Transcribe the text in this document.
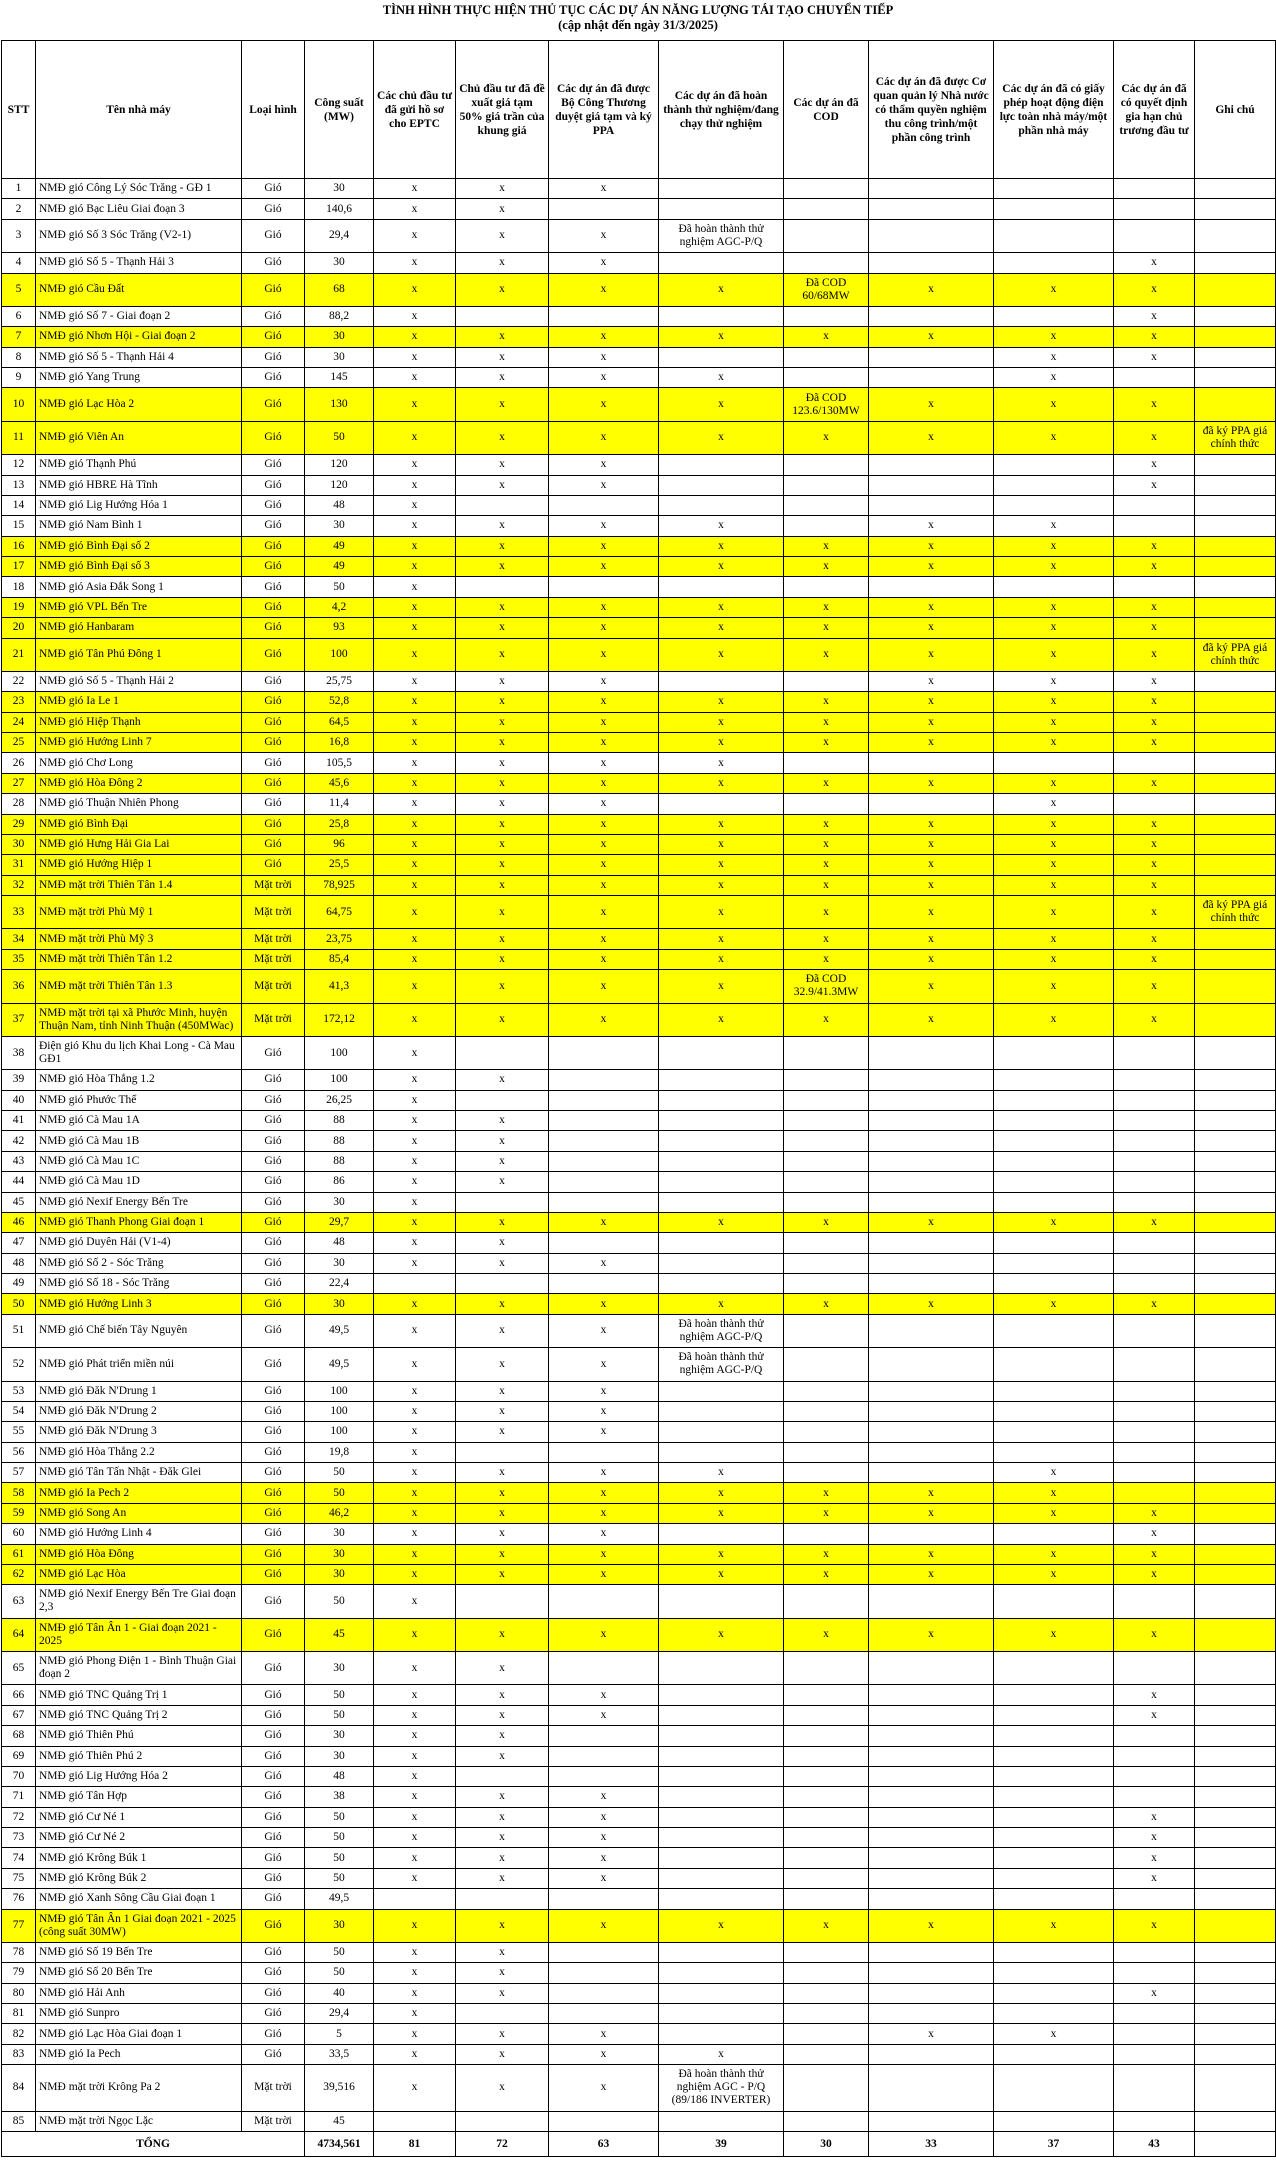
TÌNH HÌNH THỰC HIỆN THỦ TỤC CÁC DỰ ÁN NĂNG LƯỢNG TÁI TẠO CHUYỂN TIẾP
(cập nhật đến ngày 31/3/2025)
STT	Tên nhà máy	Loại hình	Công suất (MW)	Các chủ đầu tư đã gửi hồ sơ cho EPTC	Chủ đầu tư đã đề xuất giá tạm 50% giá trần của khung giá	Các dự án đã được Bộ Công Thương duyệt giá tạm và ký PPA	Các dự án đã hoàn thành thử nghiệm/đang chạy thử nghiệm	Các dự án đã COD	Các dự án đã được Cơ quan quản lý Nhà nước có thẩm quyền nghiệm thu công trình/một phần công trình	Các dự án đã có giấy phép hoạt động điện lực toàn nhà máy/một phần nhà máy	Các dự án đã có quyết định gia hạn chủ trương đầu tư	Ghi chú
1	NMĐ gió Công Lý Sóc Trăng - GĐ 1	Gió	30	x	x	x						
2	NMĐ gió Bạc Liêu Giai đoạn 3	Gió	140,6	x	x							
3	NMĐ gió Số 3 Sóc Trăng (V2-1)	Gió	29,4	x	x	x	Đã hoàn thành thử nghiệm AGC-P/Q					
4	NMĐ gió Số 5 - Thạnh Hải 3	Gió	30	x	x	x					x	
5	NMĐ gió Cầu Đất	Gió	68	x	x	x	x	Đã COD 60/68MW	x	x	x	
6	NMĐ gió Số 7 - Giai đoạn 2	Gió	88,2	x							x	
7	NMĐ gió Nhơn Hội - Giai đoạn 2	Gió	30	x	x	x	x	x	x	x	x	
8	NMĐ gió Số 5 - Thạnh Hải 4	Gió	30	x	x	x				x	x	
9	NMĐ gió Yang Trung	Gió	145	x	x	x	x			x		
10	NMĐ gió Lạc Hòa 2	Gió	130	x	x	x	x	Đã COD 123.6/130MW	x	x	x	
11	NMĐ gió Viên An	Gió	50	x	x	x	x	x	x	x	x	đã ký PPA giá chính thức
12	NMĐ gió Thạnh Phú	Gió	120	x	x	x					x	
13	NMĐ gió HBRE Hà Tĩnh	Gió	120	x	x	x					x	
14	NMĐ gió Lig Hướng Hóa 1	Gió	48	x								
15	NMĐ gió Nam Bình 1	Gió	30	x	x	x	x		x	x		
16	NMĐ gió Bình Đại số 2	Gió	49	x	x	x	x	x	x	x	x	
17	NMĐ gió Bình Đại số 3	Gió	49	x	x	x	x	x	x	x	x	
18	NMĐ gió Asia Đắk Song 1	Gió	50	x								
19	NMĐ gió VPL Bến Tre	Gió	4,2	x	x	x	x	x	x	x	x	
20	NMĐ gió Hanbaram	Gió	93	x	x	x	x	x	x	x	x	
21	NMĐ gió Tân Phú Đông 1	Gió	100	x	x	x	x	x	x	x	x	đã ký PPA giá chính thức
22	NMĐ gió Số 5 - Thạnh Hải 2	Gió	25,75	x	x	x			x	x	x	
23	NMĐ gió Ia Le 1	Gió	52,8	x	x	x	x	x	x	x	x	
24	NMĐ gió Hiệp Thạnh	Gió	64,5	x	x	x	x	x	x	x	x	
25	NMĐ gió Hướng Linh 7	Gió	16,8	x	x	x	x	x	x	x	x	
26	NMĐ gió Chơ Long	Gió	105,5	x	x	x	x					
27	NMĐ gió Hòa Đông 2	Gió	45,6	x	x	x	x	x	x	x	x	
28	NMĐ gió Thuận Nhiên Phong	Gió	11,4	x	x	x				x		
29	NMĐ gió Bình Đại	Gió	25,8	x	x	x	x	x	x	x	x	
30	NMĐ gió Hưng Hải Gia Lai	Gió	96	x	x	x	x	x	x	x	x	
31	NMĐ gió Hướng Hiệp 1	Gió	25,5	x	x	x	x	x	x	x	x	
32	NMĐ mặt trời Thiên Tân 1.4	Mặt trời	78,925	x	x	x	x	x	x	x	x	
33	NMĐ mặt trời Phù Mỹ 1	Mặt trời	64,75	x	x	x	x	x	x	x	x	đã ký PPA giá chính thức
34	NMĐ mặt trời Phù Mỹ 3	Mặt trời	23,75	x	x	x	x	x	x	x	x	
35	NMĐ mặt trời Thiên Tân 1.2	Mặt trời	85,4	x	x	x	x	x	x	x	x	
36	NMĐ mặt trời Thiên Tân 1.3	Mặt trời	41,3	x	x	x	x	Đã COD 32.9/41.3MW	x	x	x	
37	NMĐ mặt trời tại xã Phước Minh, huyện Thuận Nam, tỉnh Ninh Thuận (450MWac)	Mặt trời	172,12	x	x	x	x	x	x	x	x	
38	Điện gió Khu du lịch Khai Long - Cà Mau GĐ1	Gió	100	x								
39	NMĐ gió Hòa Thắng 1.2	Gió	100	x	x							
40	NMĐ gió Phước Thể	Gió	26,25	x								
41	NMĐ gió Cà Mau 1A	Gió	88	x	x							
42	NMĐ gió Cà Mau 1B	Gió	88	x	x							
43	NMĐ gió Cà Mau 1C	Gió	88	x	x							
44	NMĐ gió Cà Mau 1D	Gió	86	x	x							
45	NMĐ gió Nexif Energy Bến Tre	Gió	30	x								
46	NMĐ gió Thanh Phong Giai đoạn 1	Gió	29,7	x	x	x	x	x	x	x	x	
47	NMĐ gió Duyên Hải (V1-4)	Gió	48	x	x							
48	NMĐ gió Số 2 - Sóc Trăng	Gió	30	x	x	x						
49	NMĐ gió Số 18 - Sóc Trăng	Gió	22,4									
50	NMĐ gió Hướng Linh 3	Gió	30	x	x	x	x	x	x	x	x	
51	NMĐ gió Chế biến Tây Nguyên	Gió	49,5	x	x	x	Đã hoàn thành thử nghiệm AGC-P/Q					
52	NMĐ gió Phát triển miền núi	Gió	49,5	x	x	x	Đã hoàn thành thử nghiệm AGC-P/Q					
53	NMĐ gió Đăk N'Drung 1	Gió	100	x	x	x						
54	NMĐ gió Đăk N'Drung 2	Gió	100	x	x	x						
55	NMĐ gió Đăk N'Drung 3	Gió	100	x	x	x						
56	NMĐ gió Hòa Thắng 2.2	Gió	19,8	x								
57	NMĐ gió Tân Tấn Nhật - Đăk Glei	Gió	50	x	x	x	x			x		
58	NMĐ gió Ia Pech 2	Gió	50	x	x	x	x	x	x	x		
59	NMĐ gió Song An	Gió	46,2	x	x	x	x	x	x	x	x	
60	NMĐ gió Hướng Linh 4	Gió	30	x	x	x					x	
61	NMĐ gió Hòa Đông	Gió	30	x	x	x	x	x	x	x	x	
62	NMĐ gió Lạc Hòa	Gió	30	x	x	x	x	x	x	x	x	
63	NMĐ gió Nexif Energy Bến Tre Giai đoạn 2,3	Gió	50	x								
64	NMĐ gió Tân Ân 1 - Giai đoạn 2021 - 2025	Gió	45	x	x	x	x	x	x	x	x	
65	NMĐ gió Phong Điện 1 - Bình Thuận Giai đoạn 2	Gió	30	x	x							
66	NMĐ gió TNC Quảng Trị 1	Gió	50	x	x	x					x	
67	NMĐ gió TNC Quảng Trị 2	Gió	50	x	x	x					x	
68	NMĐ gió Thiên Phú	Gió	30	x	x							
69	NMĐ gió Thiên Phú 2	Gió	30	x	x							
70	NMĐ gió Lig Hướng Hóa 2	Gió	48	x								
71	NMĐ gió Tân Hợp	Gió	38	x	x	x						
72	NMĐ gió Cư Né 1	Gió	50	x	x	x					x	
73	NMĐ gió Cư Né 2	Gió	50	x	x	x					x	
74	NMĐ gió Krông Búk 1	Gió	50	x	x	x					x	
75	NMĐ gió Krông Búk 2	Gió	50	x	x	x					x	
76	NMĐ gió Xanh Sông Cầu Giai đoạn 1	Gió	49,5									
77	NMĐ gió Tân Ân 1 Giai đoạn 2021 - 2025 (công suất 30MW)	Gió	30	x	x	x	x	x	x	x	x	
78	NMĐ gió Số 19 Bến Tre	Gió	50	x	x							
79	NMĐ gió Số 20 Bến Tre	Gió	50	x	x							
80	NMĐ gió Hải Anh	Gió	40	x	x						x	
81	NMĐ gió Sunpro	Gió	29,4	x								
82	NMĐ gió Lạc Hòa Giai đoạn 1	Gió	5	x	x	x			x	x		
83	NMĐ gió Ia Pech	Gió	33,5	x	x	x	x					
84	NMĐ mặt trời Krông Pa 2	Mặt trời	39,516	x	x	x	Đã hoàn thành thử nghiệm AGC - P/Q (89/186 INVERTER)					
85	NMĐ mặt trời Ngọc Lặc	Mặt trời	45									
TỔNG			4734,561	81	72	63	39	30	33	37	43	
